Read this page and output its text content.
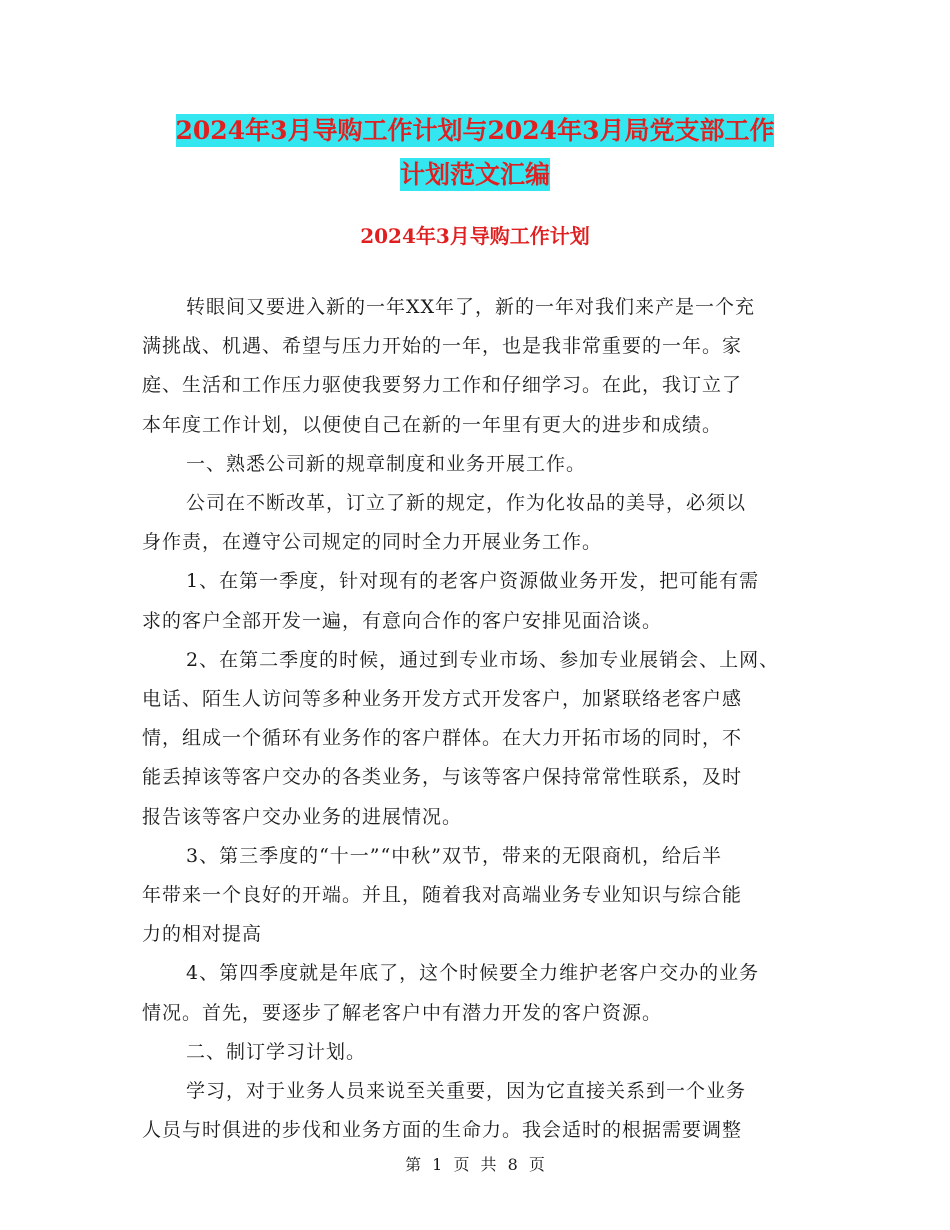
2024年3月导购工作计划与2024年3月局党支部工作
计划范文汇编
2024年3月导购工作计划
转眼间又要进入新的一年XX年了，新的一年对我们来产是一个充
满挑战、机遇、希望与压力开始的一年，也是我非常重要的一年。家
庭、生活和工作压力驱使我要努力工作和仔细学习。在此，我订立了
本年度工作计划，以便使自己在新的一年里有更大的进步和成绩。
一、熟悉公司新的规章制度和业务开展工作。
公司在不断改革，订立了新的规定，作为化妆品的美导，必须以
身作责，在遵守公司规定的同时全力开展业务工作。
1、在第一季度，针对现有的老客户资源做业务开发，把可能有需
求的客户全部开发一遍，有意向合作的客户安排见面洽谈。
2、在第二季度的时候，通过到专业市场、参加专业展销会、上网、
电话、陌生人访问等多种业务开发方式开发客户，加紧联络老客户感
情，组成一个循环有业务作的客户群体。在大力开拓市场的同时，不
能丢掉该等客户交办的各类业务，与该等客户保持常常性联系，及时
报告该等客户交办业务的进展情况。
3、第三季度的“十一”“中秋”双节，带来的无限商机，给后半
年带来一个良好的开端。并且，随着我对高端业务专业知识与综合能
力的相对提高
4、第四季度就是年底了，这个时候要全力维护老客户交办的业务
情况。首先，要逐步了解老客户中有潜力开发的客户资源。
二、制订学习计划。
学习，对于业务人员来说至关重要，因为它直接关系到一个业务
人员与时俱进的步伐和业务方面的生命力。我会适时的根据需要调整
第 1 页 共 8 页
